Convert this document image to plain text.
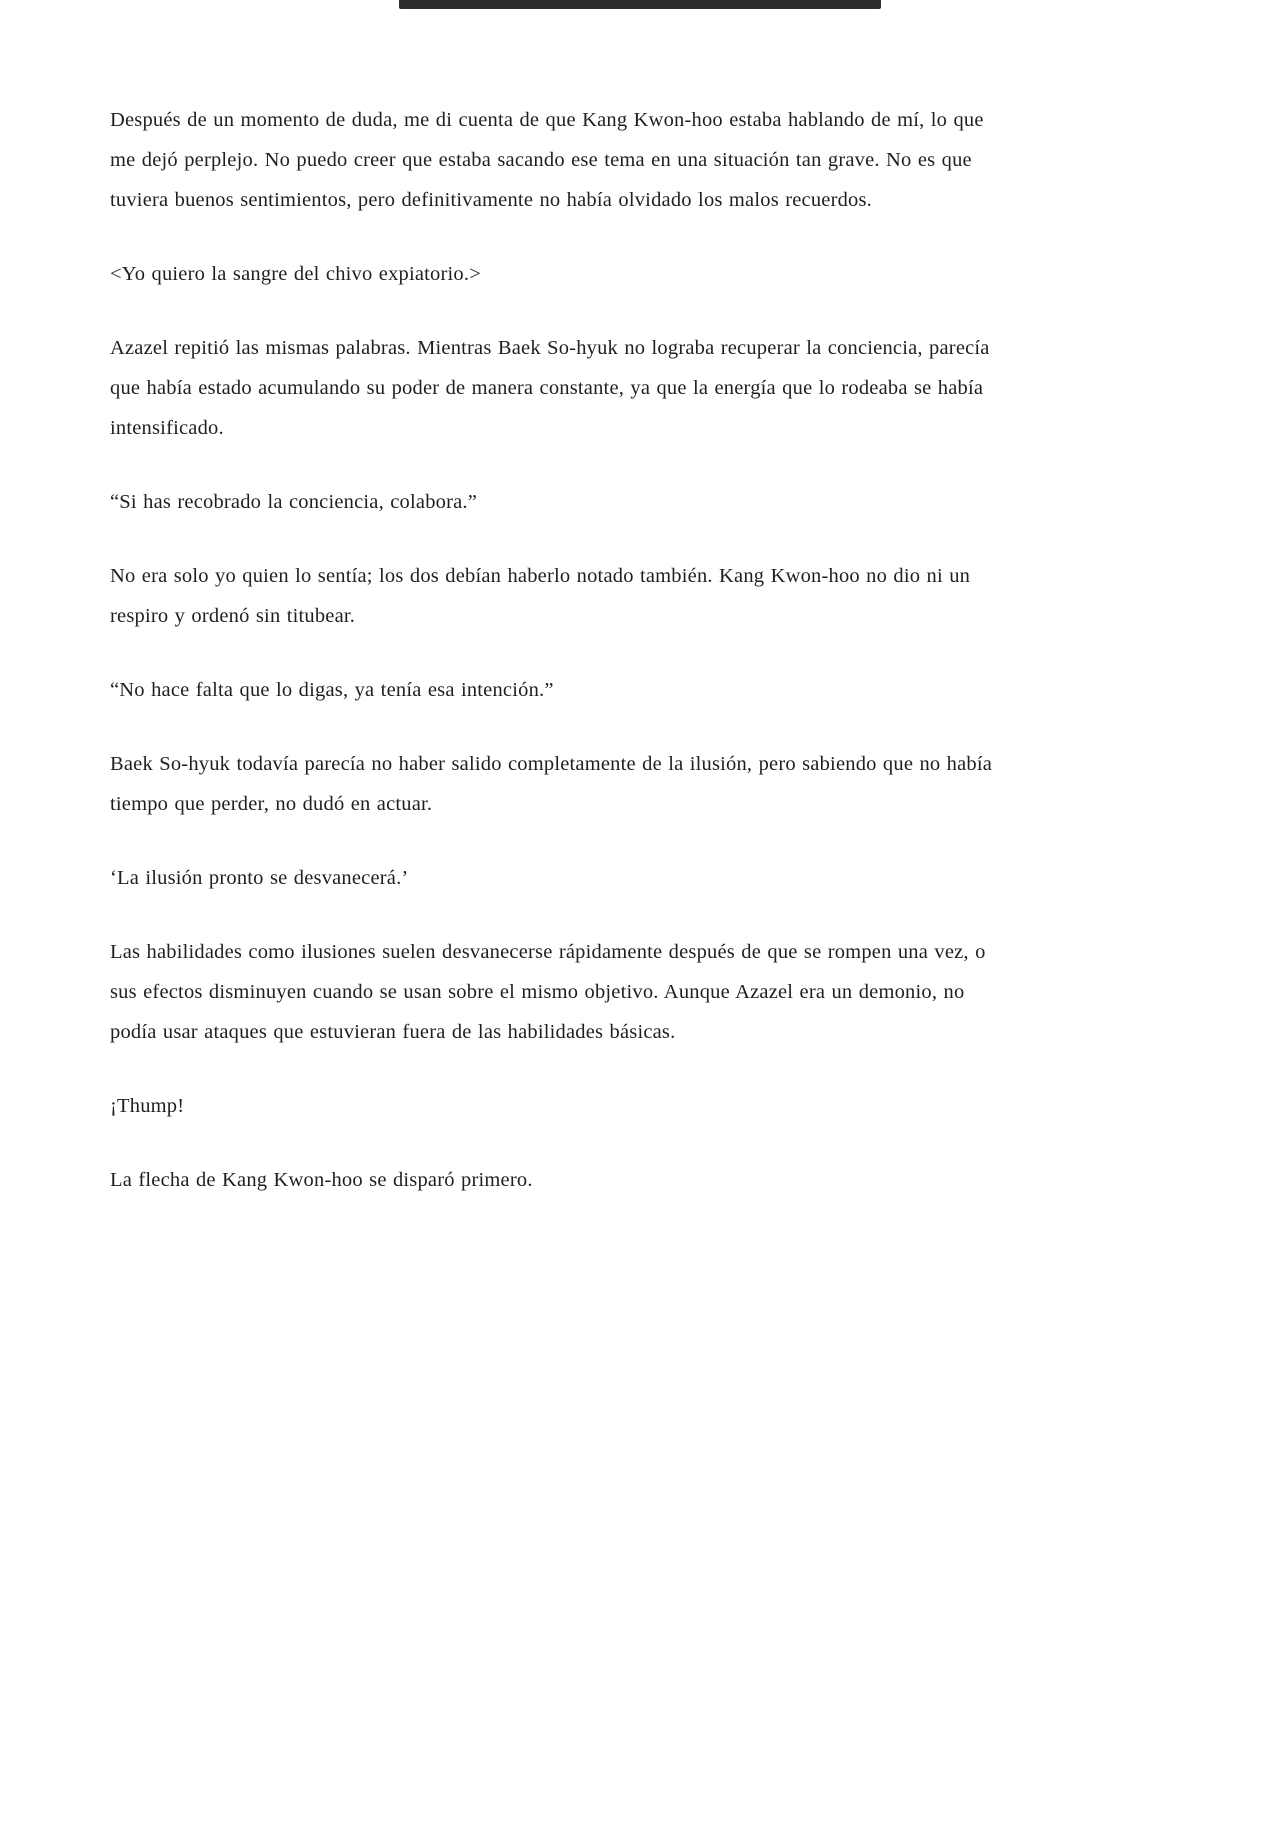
Después de un momento de duda, me di cuenta de que Kang Kwon-hoo estaba hablando de mí, lo que me dejó perplejo. No puedo creer que estaba sacando ese tema en una situación tan grave. No es que tuviera buenos sentimientos, pero definitivamente no había olvidado los malos recuerdos.

<Yo quiero la sangre del chivo expiatorio.>

Azazel repitió las mismas palabras. Mientras Baek So-hyuk no lograba recuperar la conciencia, parecía que había estado acumulando su poder de manera constante, ya que la energía que lo rodeaba se había intensificado.

“Si has recobrado la conciencia, colabora.”

No era solo yo quien lo sentía; los dos debían haberlo notado también. Kang Kwon-hoo no dio ni un respiro y ordenó sin titubear.

“No hace falta que lo digas, ya tenía esa intención.”

Baek So-hyuk todavía parecía no haber salido completamente de la ilusión, pero sabiendo que no había tiempo que perder, no dudó en actuar.

‘La ilusión pronto se desvanecerá.’

Las habilidades como ilusiones suelen desvanecerse rápidamente después de que se rompen una vez, o sus efectos disminuyen cuando se usan sobre el mismo objetivo. Aunque Azazel era un demonio, no podía usar ataques que estuvieran fuera de las habilidades básicas.

¡Thump!

La flecha de Kang Kwon-hoo se disparó primero.
